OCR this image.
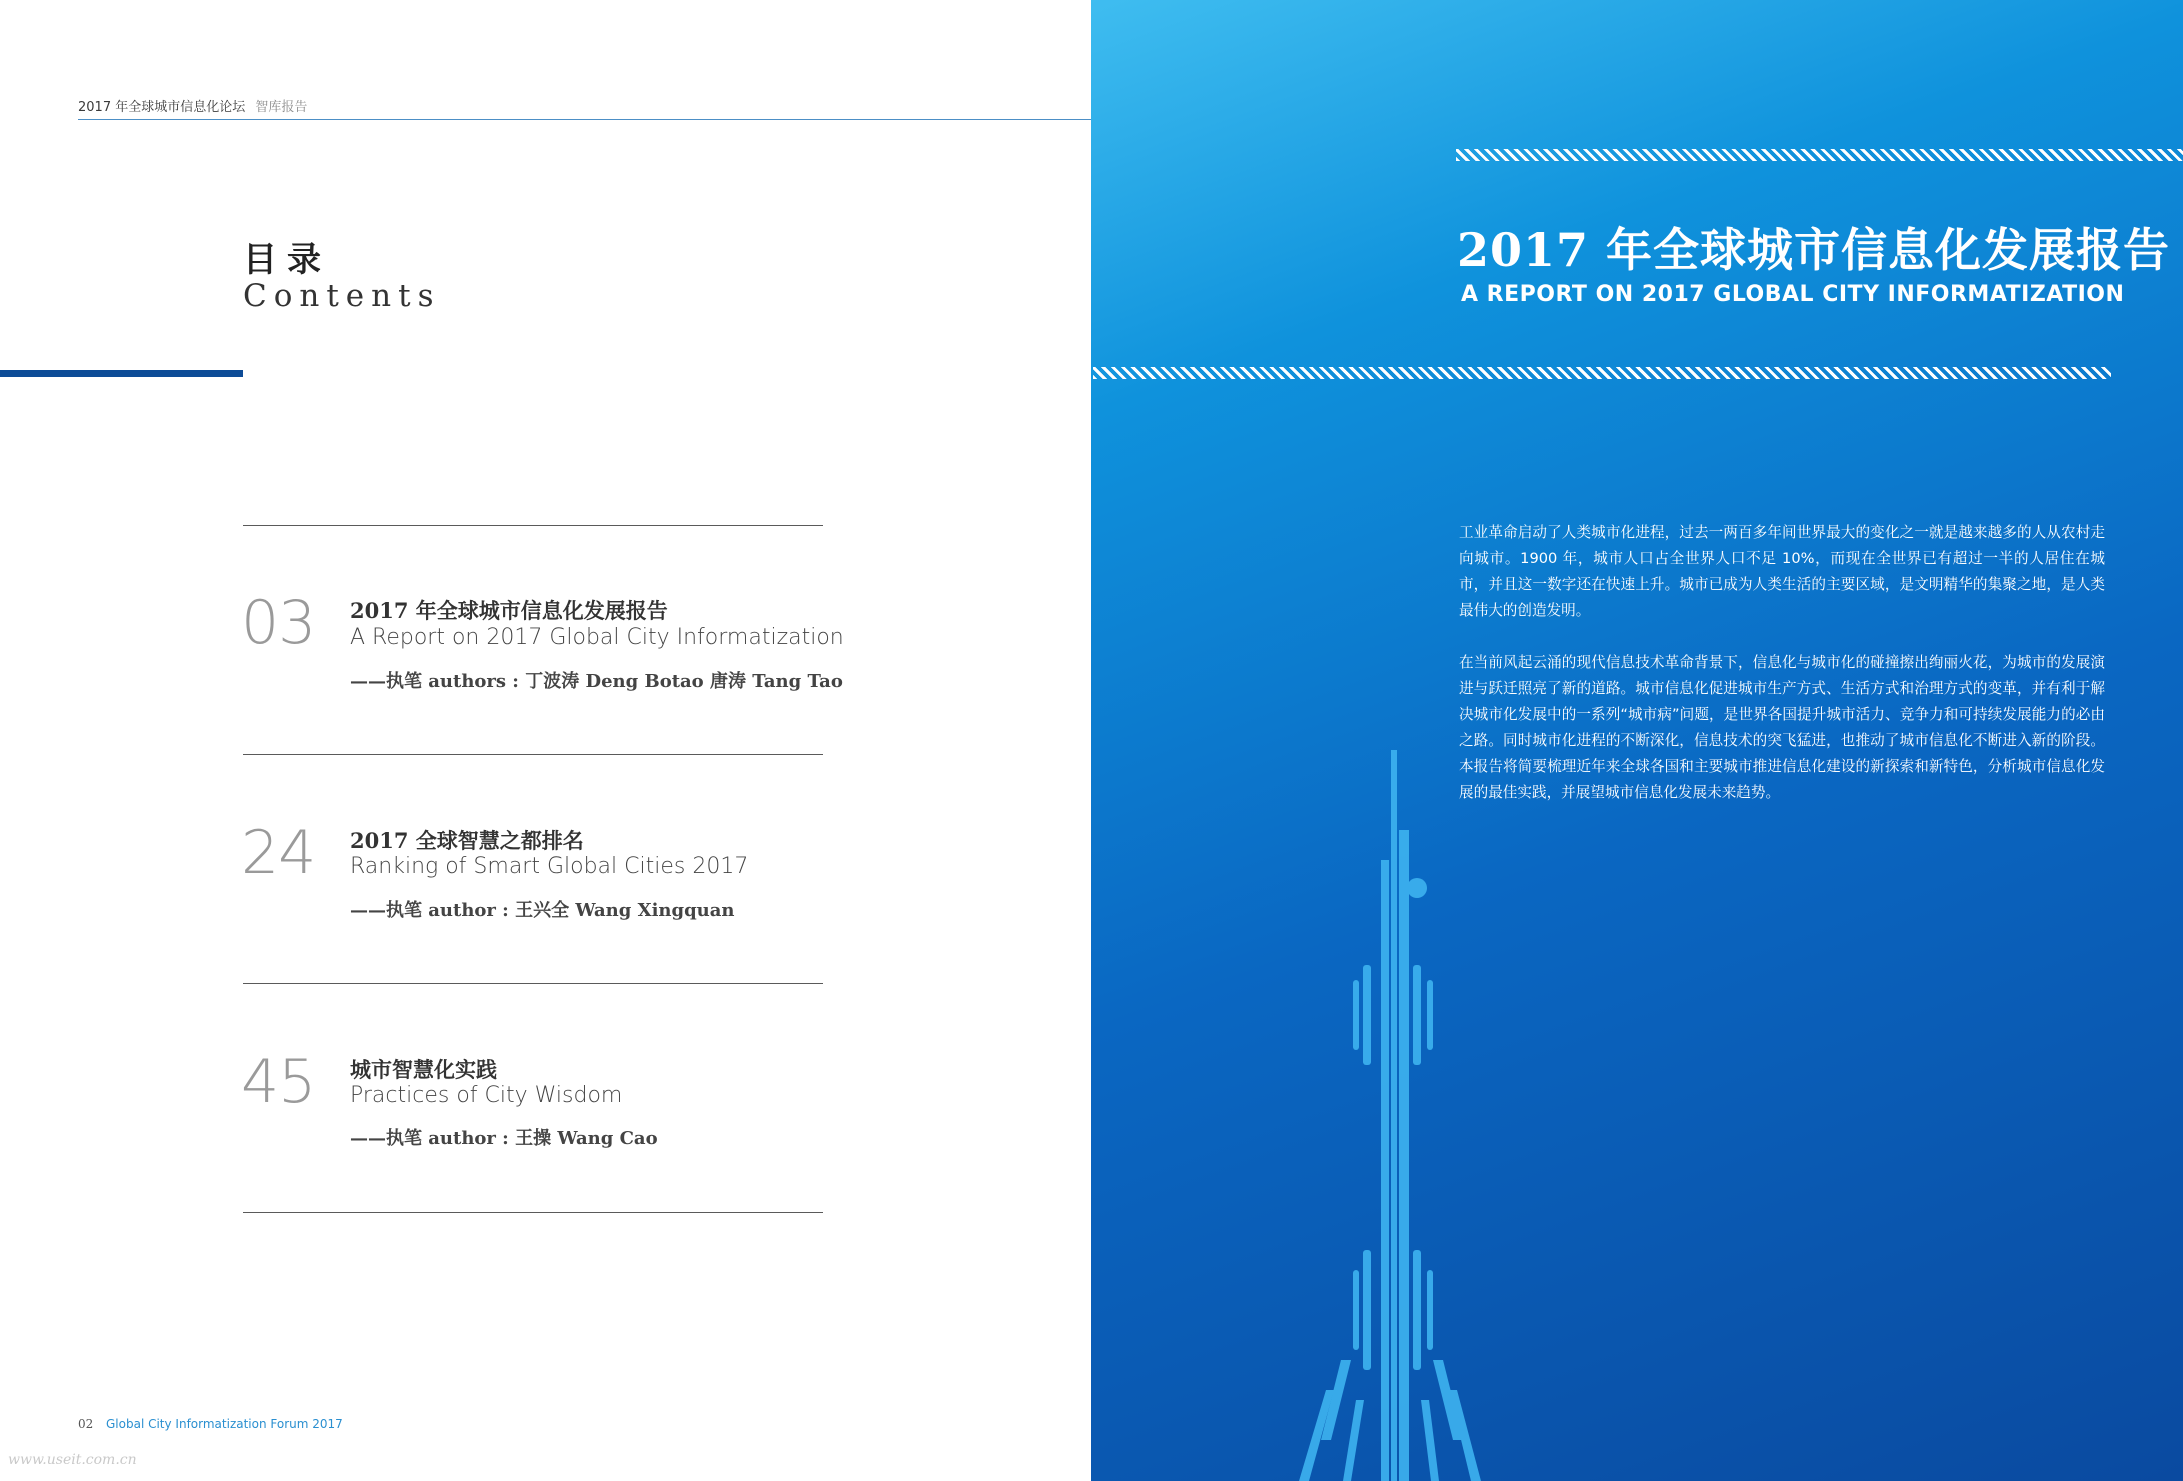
2017 年全球城市信息化论坛 智库报告
目录
Contents
03 2017 年全球城市信息化发展报告
A Report on 2017 Global City Informatization
——执笔 authors : 丁波涛 Deng Botao 唐涛 Tang Tao
24 2017 全球智慧之都排名
Ranking of Smart Global Cities 2017
——执笔 author : 王兴全 Wang Xingquan
45 城市智慧化实践
Practices of City Wisdom
——执笔 author : 王操 Wang Cao
02 Global City Informatization Forum 2017
www.useit.com.cn
2017 年全球城市信息化发展报告
A REPORT ON 2017 GLOBAL CITY INFORMATIZATION
工业革命启动了人类城市化进程，过去一两百多年间世界最大的变化之一就是越来越多的人从农村走向城市。1900 年，城市人口占全世界人口不足 10%，而现在全世界已有超过一半的人居住在城市，并且这一数字还在快速上升。城市已成为人类生活的主要区域，是文明精华的集聚之地，是人类最伟大的创造发明。
在当前风起云涌的现代信息技术革命背景下，信息化与城市化的碰撞擦出绚丽火花，为城市的发展演进与跃迁照亮了新的道路。城市信息化促进城市生产方式、生活方式和治理方式的变革，并有利于解决城市化发展中的一系列“城市病”问题，是世界各国提升城市活力、竞争力和可持续发展能力的必由之路。同时城市化进程的不断深化，信息技术的突飞猛进，也推动了城市信息化不断进入新的阶段。本报告将简要梳理近年来全球各国和主要城市推进信息化建设的新探索和新特色，分析城市信息化发展的最佳实践，并展望城市信息化发展未来趋势。
